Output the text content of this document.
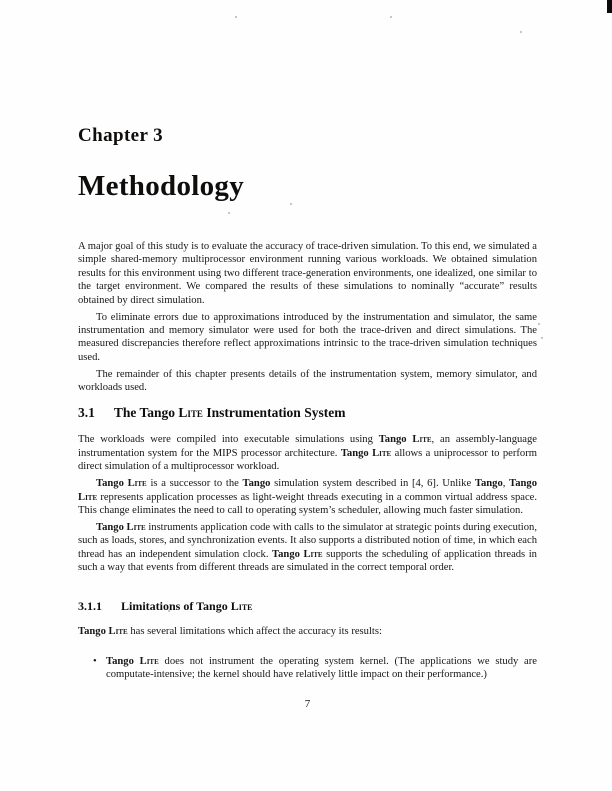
Chapter 3
Methodology

A major goal of this study is to evaluate the accuracy of trace-driven simulation. To this end, we simulated a simple shared-memory multiprocessor environment running various workloads. We obtained simulation results for this environment using two different trace-generation environments, one idealized, one similar to the target environment. We compared the results of these simulations to nominally “accurate” results obtained by direct simulation.

To eliminate errors due to approximations introduced by the instrumentation and simulator, the same instrumentation and memory simulator were used for both the trace-driven and direct simulations. The measured discrepancies therefore reflect approximations intrinsic to the trace-driven simulation techniques used.

The remainder of this chapter presents details of the instrumentation system, memory simulator, and workloads used.

3.1 The Tango Lite Instrumentation System

The workloads were compiled into executable simulations using Tango Lite, an assembly-language instrumentation system for the MIPS processor architecture. Tango Lite allows a uniprocessor to perform direct simulation of a multiprocessor workload.

Tango Lite is a successor to the Tango simulation system described in [4, 6]. Unlike Tango, Tango Lite represents application processes as light-weight threads executing in a common virtual address space. This change eliminates the need to call to operating system’s scheduler, allowing much faster simulation.

Tango Lite instruments application code with calls to the simulator at strategic points during execution, such as loads, stores, and synchronization events. It also supports a distributed notion of time, in which each thread has an independent simulation clock. Tango Lite supports the scheduling of application threads in such a way that events from different threads are simulated in the correct temporal order.

3.1.1 Limitations of Tango Lite

Tango Lite has several limitations which affect the accuracy its results:

• Tango Lite does not instrument the operating system kernel. (The applications we study are computate-intensive; the kernel should have relatively little impact on their performance.)
7
